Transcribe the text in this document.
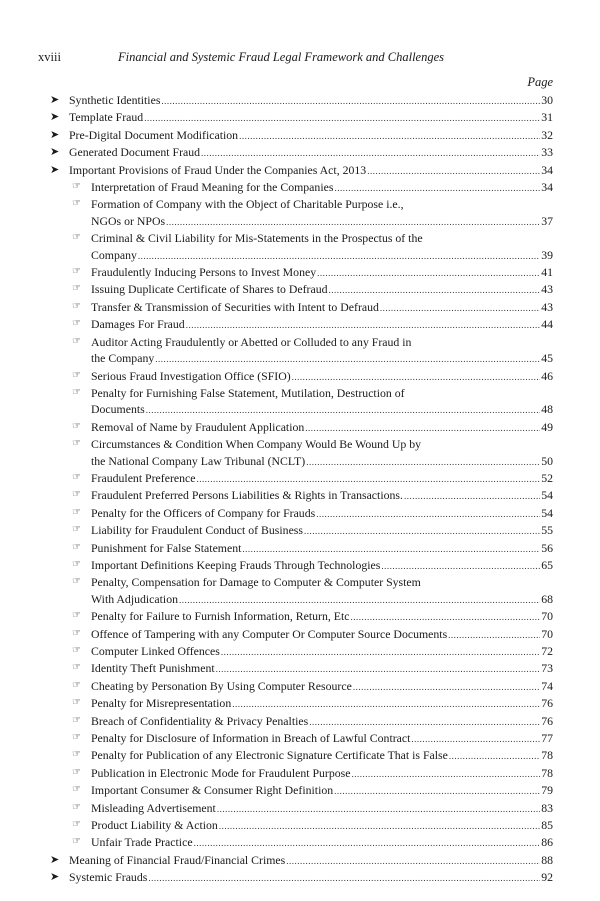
xviii	Financial and Systemic Fraud Legal Framework and Challenges
Page
➤ Synthetic Identities .....	30
➤ Template Fraud .....	31
➤ Pre-Digital Document Modification .....	32
➤ Generated Document Fraud .....	33
➤ Important Provisions of Fraud Under the Companies Act, 2013 .....	34
☞ Interpretation of Fraud Meaning for the Companies .....	34
☞ Formation of Company with the Object of Charitable Purpose i.e.,
NGOs or NPOs .....	37
☞ Criminal & Civil Liability for Mis-Statements in the Prospectus of the
Company .....	39
☞ Fraudulently Inducing Persons to Invest Money .....	41
☞ Issuing Duplicate Certificate of Shares to Defraud .....	43
☞ Transfer & Transmission of Securities with Intent to Defraud .....	43
☞ Damages For Fraud .....	44
☞ Auditor Acting Fraudulently or Abetted or Colluded to any Fraud in
the Company .....	45
☞ Serious Fraud Investigation Office (SFIO) .....	46
☞ Penalty for Furnishing False Statement, Mutilation, Destruction of
Documents .....	48
☞ Removal of Name by Fraudulent Application .....	49
☞ Circumstances & Condition When Company Would Be Wound Up by
the National Company Law Tribunal (NCLT) .....	50
☞ Fraudulent Preference .....	52
☞ Fraudulent Preferred Persons Liabilities & Rights in Transactions. .....	54
☞ Penalty for the Officers of Company for Frauds .....	54
☞ Liability for Fraudulent Conduct of Business .....	55
☞ Punishment for False Statement .....	56
☞ Important Definitions Keeping Frauds Through Technologies .....	65
☞ Penalty, Compensation for Damage to Computer & Computer System
With Adjudication .....	68
☞ Penalty for Failure to Furnish Information, Return, Etc .....	70
☞ Offence of Tampering with any Computer Or Computer Source Documents .....	70
☞ Computer Linked Offences .....	72
☞ Identity Theft Punishment .....	73
☞ Cheating by Personation By Using Computer Resource .....	74
☞ Penalty for Misrepresentation .....	76
☞ Breach of Confidentiality & Privacy Penalties .....	76
☞ Penalty for Disclosure of Information in Breach of Lawful Contract .....	77
☞ Penalty for Publication of any Electronic Signature Certificate That is False .....	78
☞ Publication in Electronic Mode for Fraudulent Purpose .....	78
☞ Important Consumer & Consumer Right Definition .....	79
☞ Misleading Advertisement .....	83
☞ Product Liability & Action .....	85
☞ Unfair Trade Practice .....	86
➤ Meaning of Financial Fraud/Financial Crimes .....	88
➤ Systemic Frauds .....	92
